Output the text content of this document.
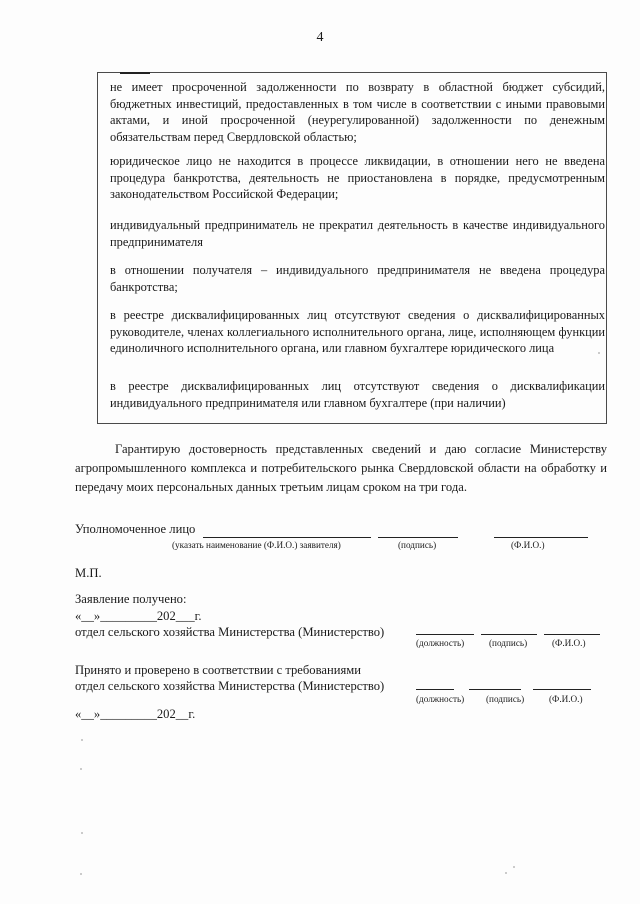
4
не имеет просроченной задолженности по возврату в областной бюджет субсидий, бюджетных инвестиций, предоставленных в том числе в соответствии с иными правовыми актами, и иной просроченной (неурегулированной) задолженности по денежным обязательствам перед Свердловской областью;
юридическое лицо не находится в процессе ликвидации, в отношении него не введена процедура банкротства, деятельность не приостановлена в порядке, предусмотренным законодательством Российской Федерации;
индивидуальный предприниматель не прекратил деятельность в качестве индивидуального предпринимателя
в отношении получателя – индивидуального предпринимателя не введена процедура банкротства;
в реестре дисквалифицированных лиц отсутствуют сведения о дисквалифицированных руководителе, членах коллегиального исполнительного органа, лице, исполняющем функции единоличного исполнительного органа, или главном бухгалтере юридического лица
в реестре дисквалифицированных лиц отсутствуют сведения о дисквалификации индивидуального предпринимателя или главном бухгалтере (при наличии)
Гарантирую достоверность представленных сведений и даю согласие Министерству агропромышленного комплекса и потребительского рынка Свердловской области на обработку и передачу моих персональных данных третьим лицам сроком на три года.
Уполномоченное лицо
(указать наименование (Ф.И.О.) заявителя)	(подпись)	(Ф.И.О.)
М.П.
Заявление получено:
«__»_________202___г.
отдел сельского хозяйства Министерства (Министерство)
(должность)	(подпись)	(Ф.И.О.)
Принято и проверено в соответствии с требованиями
отдел сельского хозяйства Министерства (Министерство)
(должность) (подпись)	(Ф.И.О.)
«__»_________202__г.
